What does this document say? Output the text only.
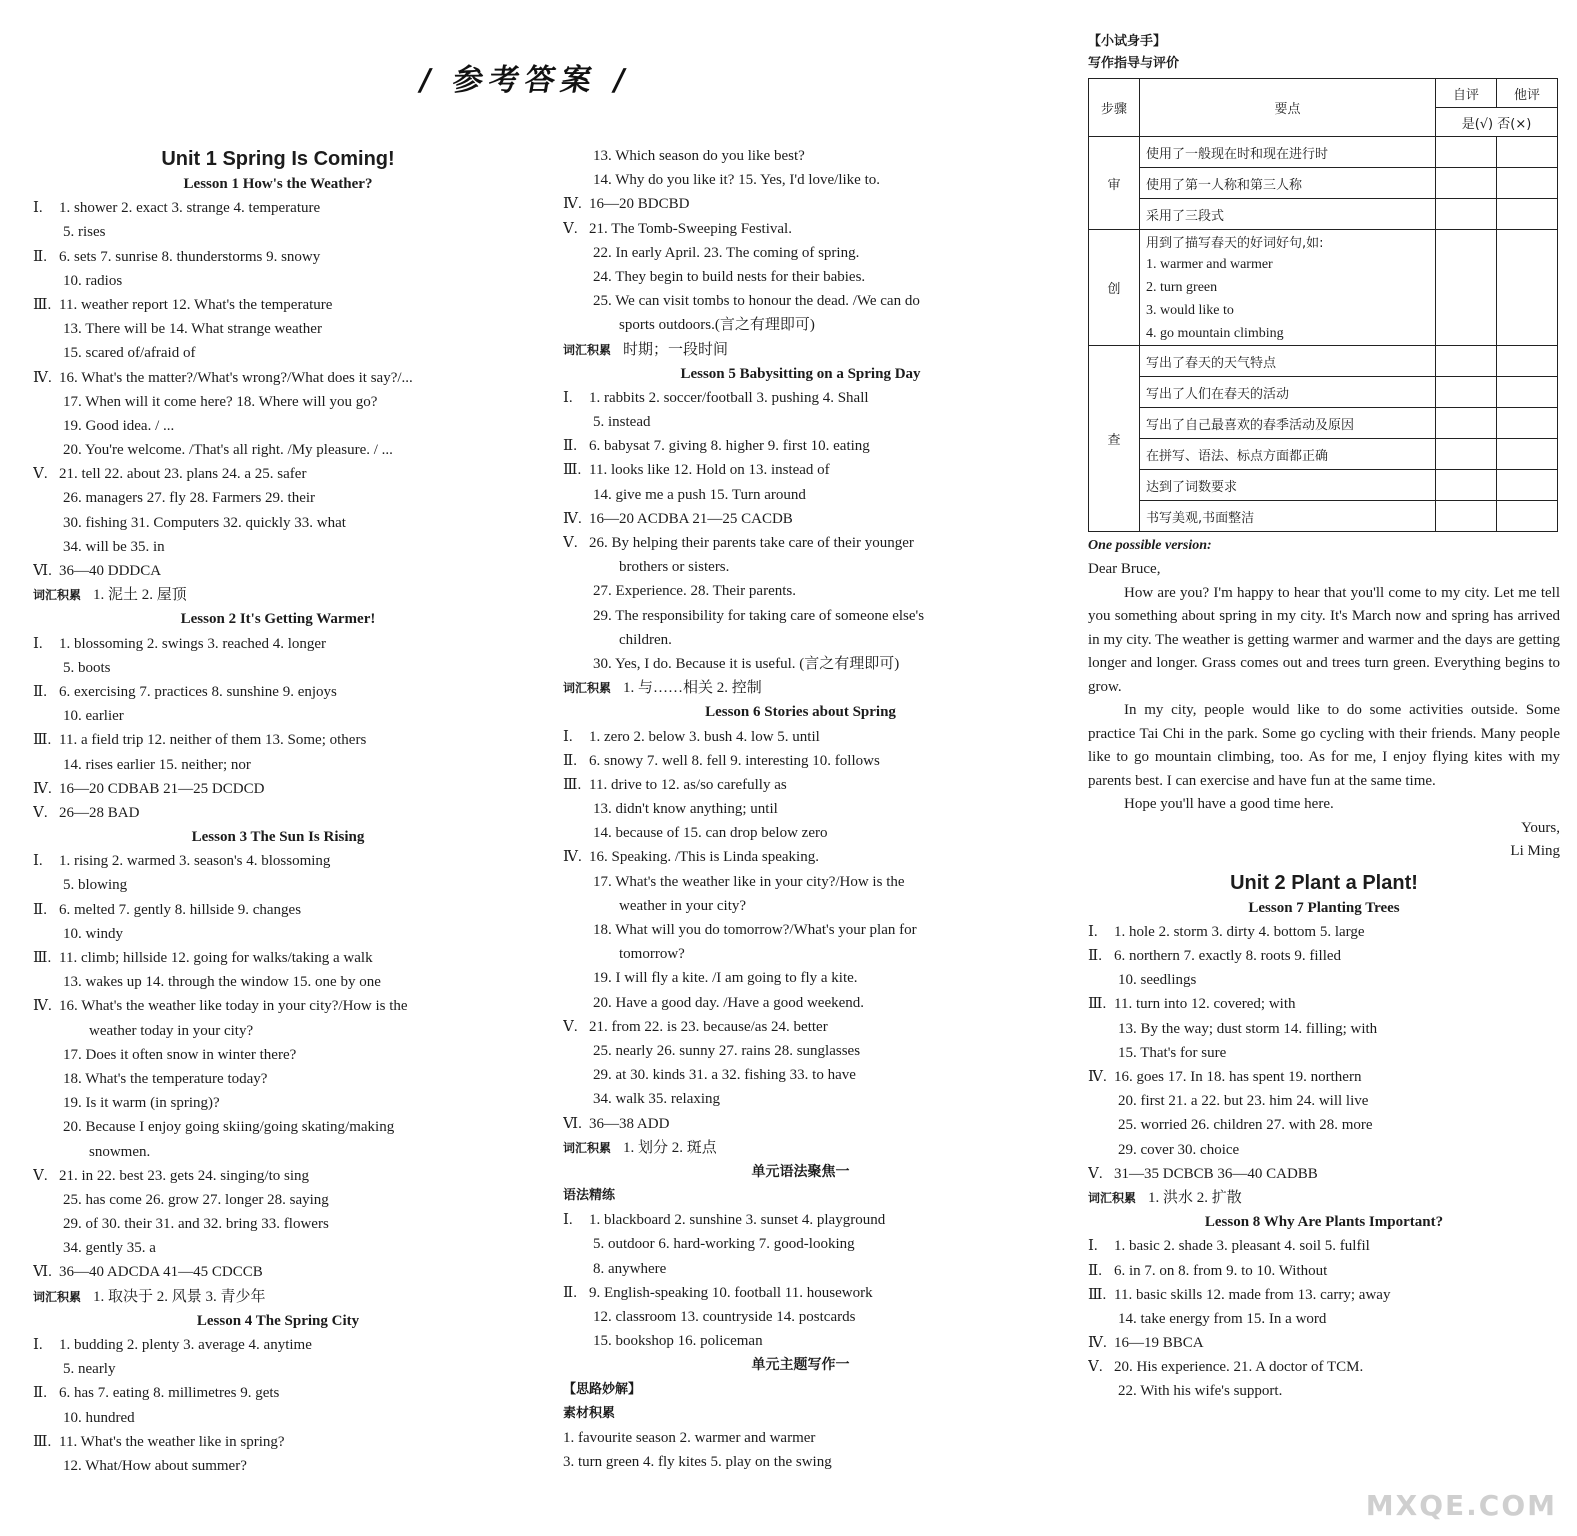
/ 参考答案 /
Unit 1 Spring Is Coming!
Lesson 1 How's the Weather?
Ⅰ. 1. shower 2. exact 3. strange 4. temperature
5. rises
Ⅱ. 6. sets 7. sunrise 8. thunderstorms 9. snowy
10. radios
Ⅲ. 11. weather report 12. What's the temperature
13. There will be 14. What strange weather
15. scared of/afraid of
Ⅳ. 16. What's the matter?/What's wrong?/What does it say?/...
17. When will it come here? 18. Where will you go?
19. Good idea. / ...
20. You're welcome. /That's all right. /My pleasure. / ...
Ⅴ. 21. tell 22. about 23. plans 24. a 25. safer
26. managers 27. fly 28. Farmers 29. their
30. fishing 31. Computers 32. quickly 33. what
34. will be 35. in
Ⅵ. 36—40 DDDCA
词汇积累 1. 泥土 2. 屋顶
Lesson 2 It's Getting Warmer!
Ⅰ. 1. blossoming 2. swings 3. reached 4. longer
5. boots
Ⅱ. 6. exercising 7. practices 8. sunshine 9. enjoys
10. earlier
Ⅲ. 11. a field trip 12. neither of them 13. Some; others
14. rises earlier 15. neither; nor
Ⅳ. 16—20 CDBAB 21—25 DCDCD
Ⅴ. 26—28 BAD
Lesson 3 The Sun Is Rising
Ⅰ. 1. rising 2. warmed 3. season's 4. blossoming
5. blowing
Ⅱ. 6. melted 7. gently 8. hillside 9. changes
10. windy
Ⅲ. 11. climb; hillside 12. going for walks/taking a walk
13. wakes up 14. through the window 15. one by one
Ⅳ. 16. What's the weather like today in your city?/How is the
weather today in your city?
17. Does it often snow in winter there?
18. What's the temperature today?
19. Is it warm (in spring)?
20. Because I enjoy going skiing/going skating/making
snowmen.
Ⅴ. 21. in 22. best 23. gets 24. singing/to sing
25. has come 26. grow 27. longer 28. saying
29. of 30. their 31. and 32. bring 33. flowers
34. gently 35. a
Ⅵ. 36—40 ADCDA 41—45 CDCCB
词汇积累 1. 取决于 2. 风景 3. 青少年
Lesson 4 The Spring City
Ⅰ. 1. budding 2. plenty 3. average 4. anytime
5. nearly
Ⅱ. 6. has 7. eating 8. millimetres 9. gets
10. hundred
Ⅲ. 11. What's the weather like in spring?
12. What/How about summer?
13. Which season do you like best?
14. Why do you like it? 15. Yes, I'd love/like to.
Ⅳ. 16—20 BDCBD
Ⅴ. 21. The Tomb-Sweeping Festival.
22. In early April. 23. The coming of spring.
24. They begin to build nests for their babies.
25. We can visit tombs to honour the dead. /We can do
sports outdoors.(言之有理即可)
词汇积累 时期；一段时间
Lesson 5 Babysitting on a Spring Day
Ⅰ. 1. rabbits 2. soccer/football 3. pushing 4. Shall
5. instead
Ⅱ. 6. babysat 7. giving 8. higher 9. first 10. eating
Ⅲ. 11. looks like 12. Hold on 13. instead of
14. give me a push 15. Turn around
Ⅳ. 16—20 ACDBA 21—25 CACDB
Ⅴ. 26. By helping their parents take care of their younger
brothers or sisters.
27. Experience. 28. Their parents.
29. The responsibility for taking care of someone else's
children.
30. Yes, I do. Because it is useful. (言之有理即可)
词汇积累 1. 与……相关 2. 控制
Lesson 6 Stories about Spring
Ⅰ. 1. zero 2. below 3. bush 4. low 5. until
Ⅱ. 6. snowy 7. well 8. fell 9. interesting 10. follows
Ⅲ. 11. drive to 12. as/so carefully as
13. didn't know anything; until
14. because of 15. can drop below zero
Ⅳ. 16. Speaking. /This is Linda speaking.
17. What's the weather like in your city?/How is the
weather in your city?
18. What will you do tomorrow?/What's your plan for
tomorrow?
19. I will fly a kite. /I am going to fly a kite.
20. Have a good day. /Have a good weekend.
Ⅴ. 21. from 22. is 23. because/as 24. better
25. nearly 26. sunny 27. rains 28. sunglasses
29. at 30. kinds 31. a 32. fishing 33. to have
34. walk 35. relaxing
Ⅵ. 36—38 ADD
词汇积累 1. 划分 2. 斑点
单元语法聚焦一
语法精练
Ⅰ. 1. blackboard 2. sunshine 3. sunset 4. playground
5. outdoor 6. hard-working 7. good-looking
8. anywhere
Ⅱ. 9. English-speaking 10. football 11. housework
12. classroom 13. countryside 14. postcards
15. bookshop 16. policeman
单元主题写作一
【思路妙解】
素材积累
1. favourite season 2. warmer and warmer
3. turn green 4. fly kites 5. play on the swing
【小试身手】
写作指导与评价
步骤	要点	自评	他评
		是(√) 否(×)	
审	使用了一般现在时和现在进行时		
	使用了第一人称和第三人称		
	采用了三段式		
创	用到了描写春天的好词好句,如:		
	1. warmer and warmer		
	2. turn green		
	3. would like to		
	4. go mountain climbing		
查	写出了春天的天气特点		
	写出了人们在春天的活动		
	写出了自己最喜欢的春季活动及原因		
	在拼写、语法、标点方面都正确		
	达到了词数要求		
	书写美观,书面整洁		
One possible version:

Dear Bruce,

How are you? I'm happy to hear that you'll come to my city. Let me tell you something about spring in my city. It's March now and spring has arrived in my city. The weather is getting warmer and warmer and the days are getting longer and longer. Grass comes out and trees turn green. Everything begins to grow.

In my city, people would like to do some activities outside. Some practice Tai Chi in the park. Some go cycling with their friends. Many people like to go mountain climbing, too. As for me, I enjoy flying kites with my parents best. I can exercise and have fun at the same time.

Hope you'll have a good time here.

Yours,

Li Ming

Unit 2 Plant a Plant!
Lesson 7 Planting Trees
Ⅰ. 1. hole 2. storm 3. dirty 4. bottom 5. large
Ⅱ. 6. northern 7. exactly 8. roots 9. filled
10. seedlings
Ⅲ. 11. turn into 12. covered; with
13. By the way; dust storm 14. filling; with
15. That's for sure
Ⅳ. 16. goes 17. In 18. has spent 19. northern
20. first 21. a 22. but 23. him 24. will live
25. worried 26. children 27. with 28. more
29. cover 30. choice
Ⅴ. 31—35 DCBCB 36—40 CADBB
词汇积累 1. 洪水 2. 扩散
Lesson 8 Why Are Plants Important?
Ⅰ. 1. basic 2. shade 3. pleasant 4. soil 5. fulfil
Ⅱ. 6. in 7. on 8. from 9. to 10. Without
Ⅲ. 11. basic skills 12. made from 13. carry; away
14. take energy from 15. In a word
Ⅳ. 16—19 BBCA
Ⅴ. 20. His experience. 21. A doctor of TCM.
22. With his wife's support.
MXQE.COM
